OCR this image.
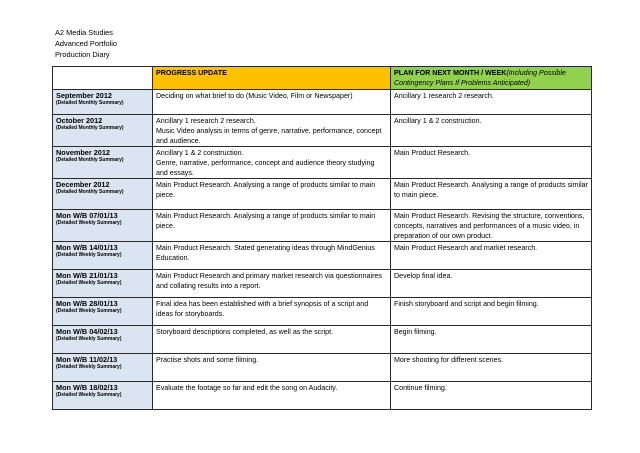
A2 Media Studies
Advanced Portfolio
Production Diary
	PROGRESS UPDATE	PLAN FOR NEXT MONTH / WEEK(Including Possible Contingency Plans If Problems Anticipated)

September 2012
(Detailed Monthly Summary)	Deciding on what brief to do (Music Video, Film or Newspaper)	Ancillary 1 research 2 research.

October 2012
(Detailed Monthly Summary)	Ancillary 1 research 2 research.
Music Video analysis in terms of genre, narrative, performance, concept and audience.	Ancillary 1 & 2 construction.

November 2012
(Detailed Monthly Summary)	Ancillary 1 & 2 construction.
Genre, narrative, performance, concept and audience theory studying and essays.	Main Product Research.

December 2012
(Detailed Monthly Summary)	Main Product Research. Analysing a range of products similar to main piece.	Main Product Research. Analysing a range of products similar to main piece.

Mon W/B 07/01/13
(Detailed Weekly Summary)	Main Product Research. Analysing a range of products similar to main piece.	Main Product Research. Revising the structure, conventions, concepts, narratives and performances of a music video, in preparation of our own product.

Mon W/B 14/01/13
(Detailed Weekly Summary)	Main Product Research. Stated generating ideas through MindGenius Education.	Main Product Research and market research.

Mon W/B 21/01/13
(Detailed Weekly Summary)	Main Product Research and primary market research via questionnaires and collating results into a report.	Develop final idea.

Mon W/B 28/01/13
(Detailed Weekly Summary)	Final idea has been established with a brief synopsis of a script and ideas for storyboards.	Finish storyboard and script and begin filming.

Mon W/B 04/02/13
(Detailed Weekly Summary)	Storyboard descriptions completed, as well as the script.	Begin filming.

Mon W/B 11/02/13
(Detailed Weekly Summary)	Practise shots and some filming.	More shooting for different scenes.

Mon W/B 18/02/13
(Detailed Weekly Summary)	Evaluate the footage so far and edit the song on Audacity.	Continue filming.
